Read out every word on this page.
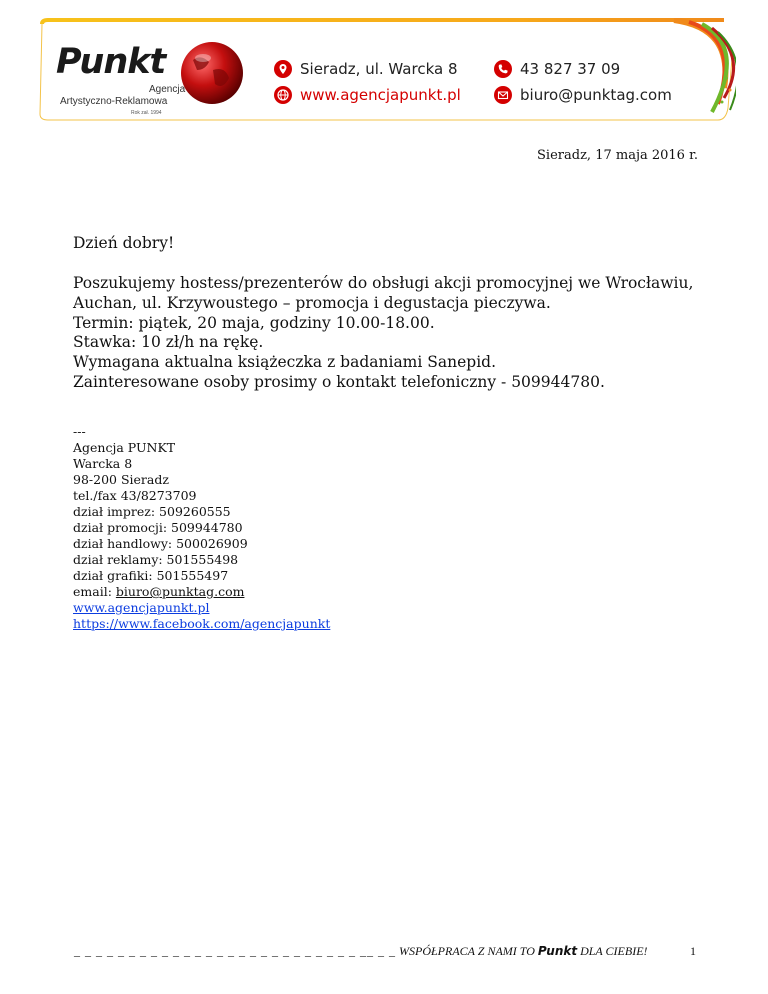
Punkt
Agencja
Artystyczno-Reklamowa
Rok zał. 1994
Sieradz, ul. Warcka 8
www.agencjapunkt.pl
43 827 37 09
biuro@punktag.com
Sieradz, 17 maja 2016 r.
Dzień dobry!
Poszukujemy hostess/prezenterów do obsługi akcji promocyjnej we Wrocławiu,
Auchan, ul. Krzywoustego – promocja i degustacja pieczywa.
Termin: piątek, 20 maja, godziny 10.00-18.00.
Stawka: 10 zł/h na rękę.
Wymagana aktualna książeczka z badaniami Sanepid.
Zainteresowane osoby prosimy o kontakt telefoniczny - 509944780.
---
Agencja PUNKT
Warcka 8
98-200 Sieradz
tel./fax 43/8273709
dział imprez: 509260555
dział promocji: 509944780
dział handlowy: 500026909
dział reklamy: 501555498
dział grafiki: 501555497
email: biuro@punktag.com
www.agencjapunkt.pl
https://www.facebook.com/agencjapunkt
_ _ _ _ _ _ _ _ _ _ _ _ _ _ _ _ _ _ _ _ _ _ _ _ _ _ __ _ _ WSPÓŁPRACA Z NAMI TO Punkt DLA CIEBIE!	1
